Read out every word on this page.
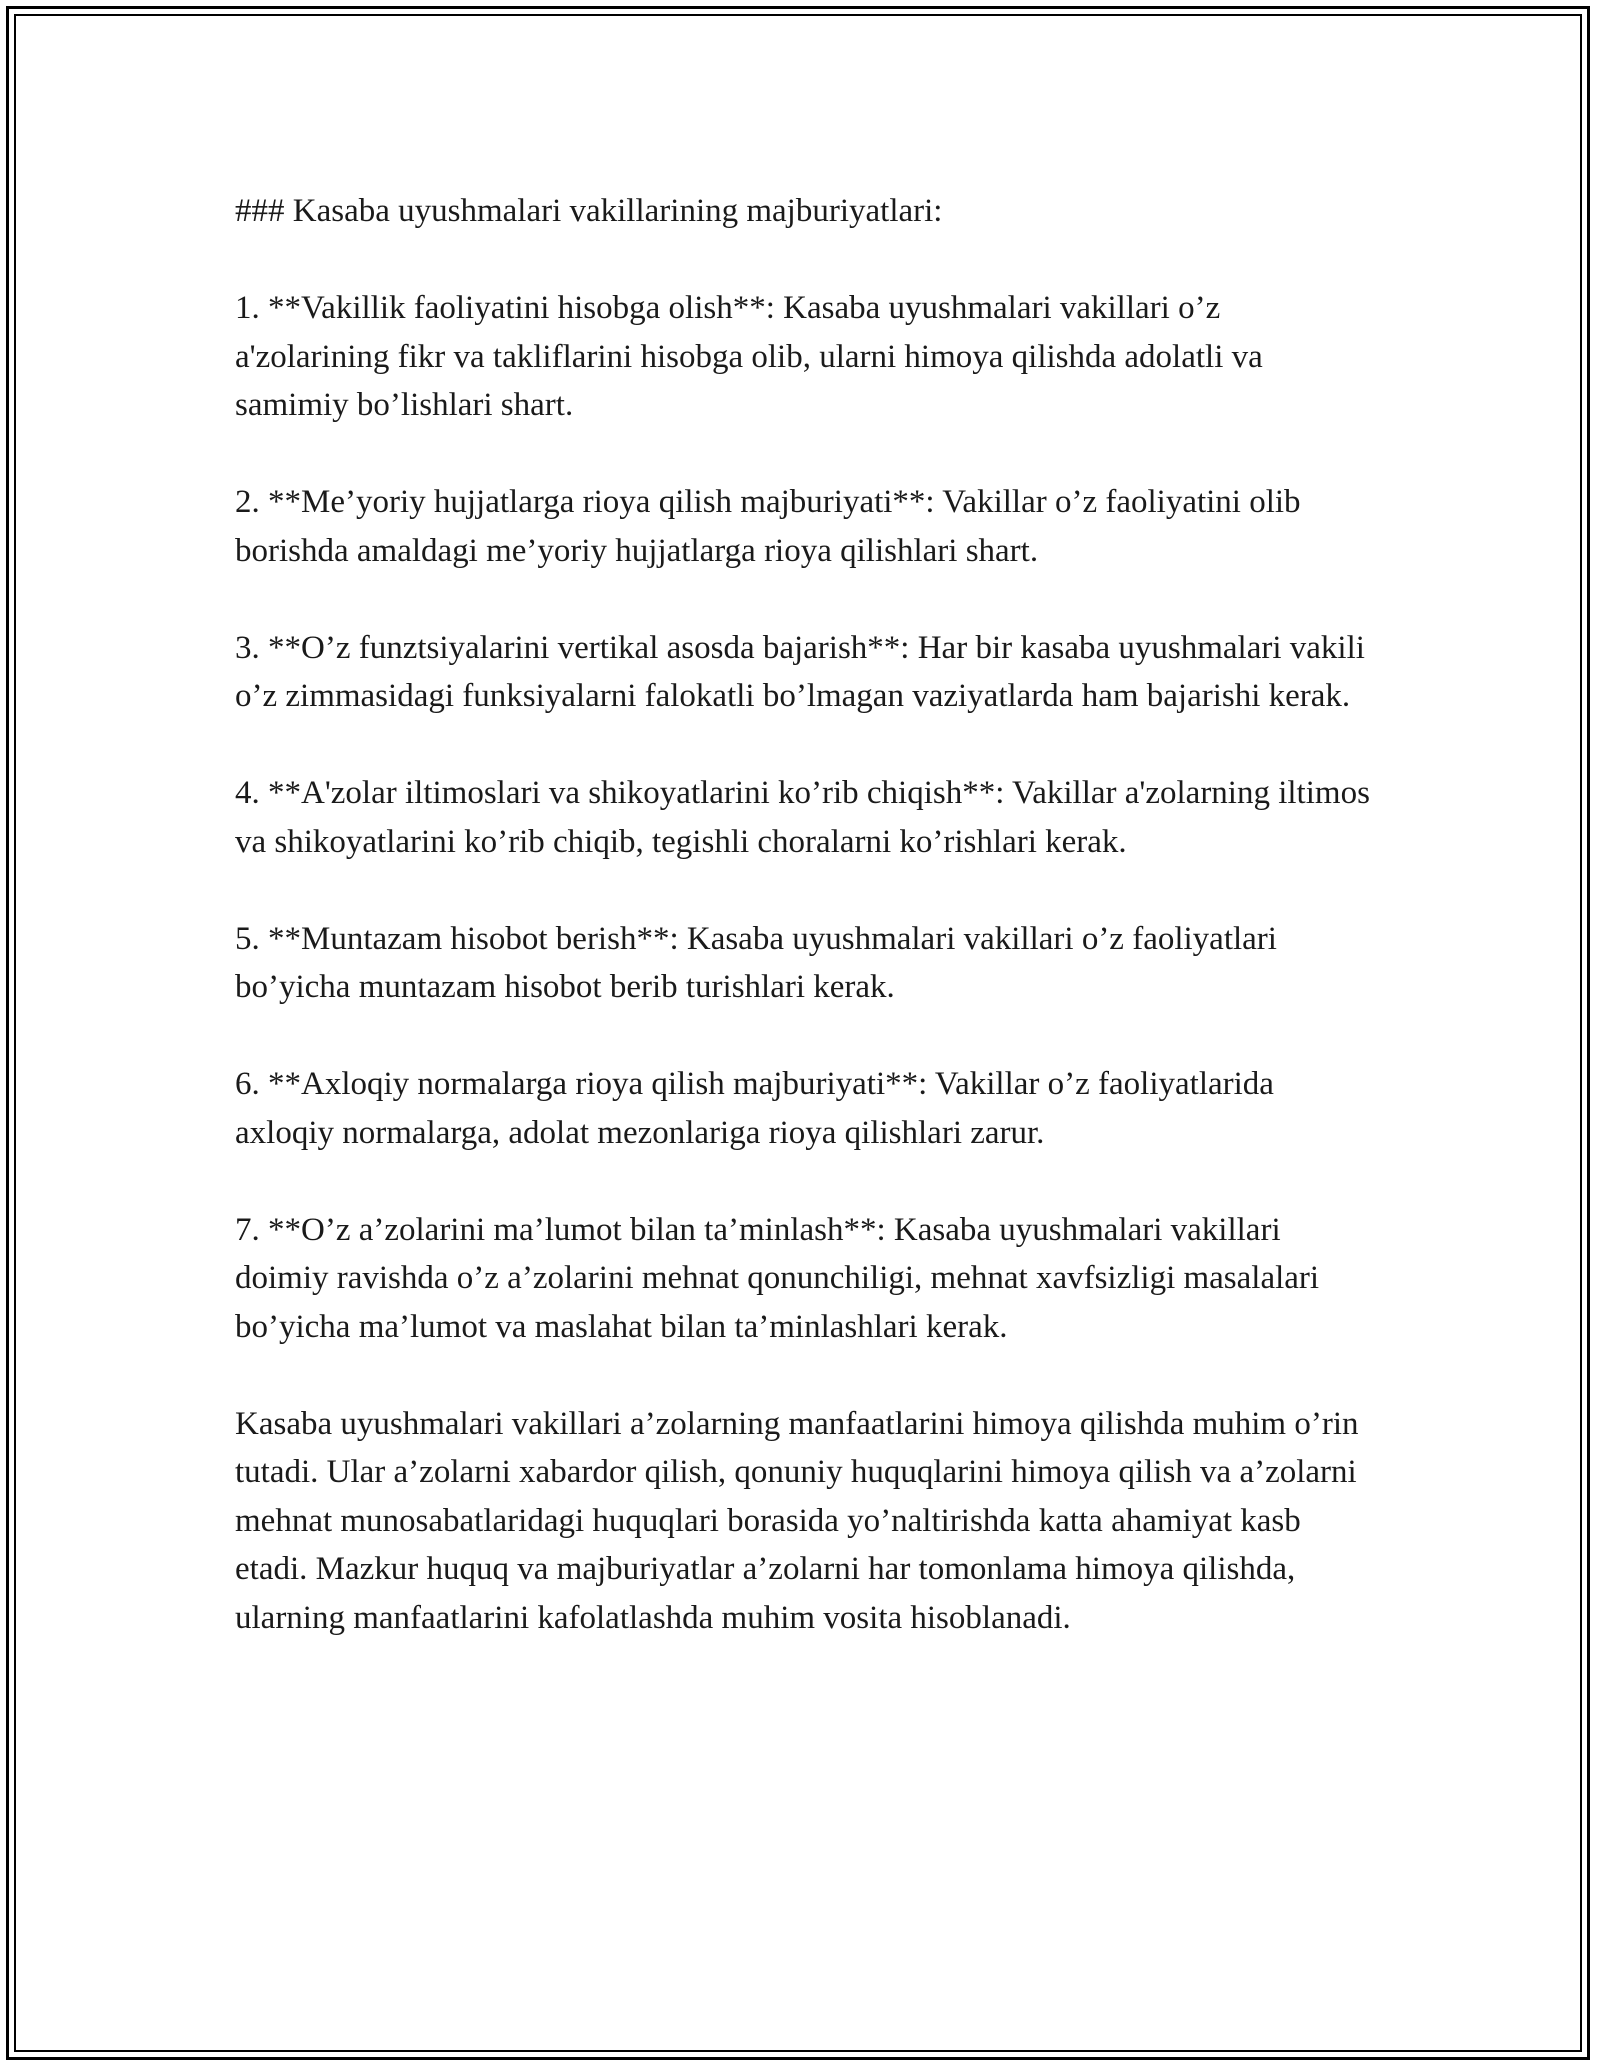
### Kasaba uyushmalari vakillarining majburiyatlari:

1. **Vakillik faoliyatini hisobga olish**: Kasaba uyushmalari vakillari o’z a'zolarining fikr va takliflarini hisobga olib, ularni himoya qilishda adolatli va samimiy bo’lishlari shart.

2. **Me’yoriy hujjatlarga rioya qilish majburiyati**: Vakillar o’z faoliyatini olib borishda amaldagi me’yoriy hujjatlarga rioya qilishlari shart.

3. **O’z funztsiyalarini vertikal asosda bajarish**: Har bir kasaba uyushmalari vakili o’z zimmasidagi funksiyalarni falokatli bo’lmagan vaziyatlarda ham bajarishi kerak.

4. **A'zolar iltimoslari va shikoyatlarini ko’rib chiqish**: Vakillar a'zolarning iltimos va shikoyatlarini ko’rib chiqib, tegishli choralarni ko’rishlari kerak.

5. **Muntazam hisobot berish**: Kasaba uyushmalari vakillari o’z faoliyatlari bo’yicha muntazam hisobot berib turishlari kerak.

6. **Axloqiy normalarga rioya qilish majburiyati**: Vakillar o’z faoliyatlarida axloqiy normalarga, adolat mezonlariga rioya qilishlari zarur.

7. **O’z a’zolarini ma’lumot bilan ta’minlash**: Kasaba uyushmalari vakillari doimiy ravishda o’z a’zolarini mehnat qonunchiligi, mehnat xavfsizligi masalalari bo’yicha ma’lumot va maslahat bilan ta’minlashlari kerak.

Kasaba uyushmalari vakillari a’zolarning manfaatlarini himoya qilishda muhim o’rin tutadi. Ular a’zolarni xabardor qilish, qonuniy huquqlarini himoya qilish va a’zolarni mehnat munosabatlaridagi huquqlari borasida yo’naltirishda katta ahamiyat kasb etadi. Mazkur huquq va majburiyatlar a’zolarni har tomonlama himoya qilishda, ularning manfaatlarini kafolatlashda muhim vosita hisoblanadi.
